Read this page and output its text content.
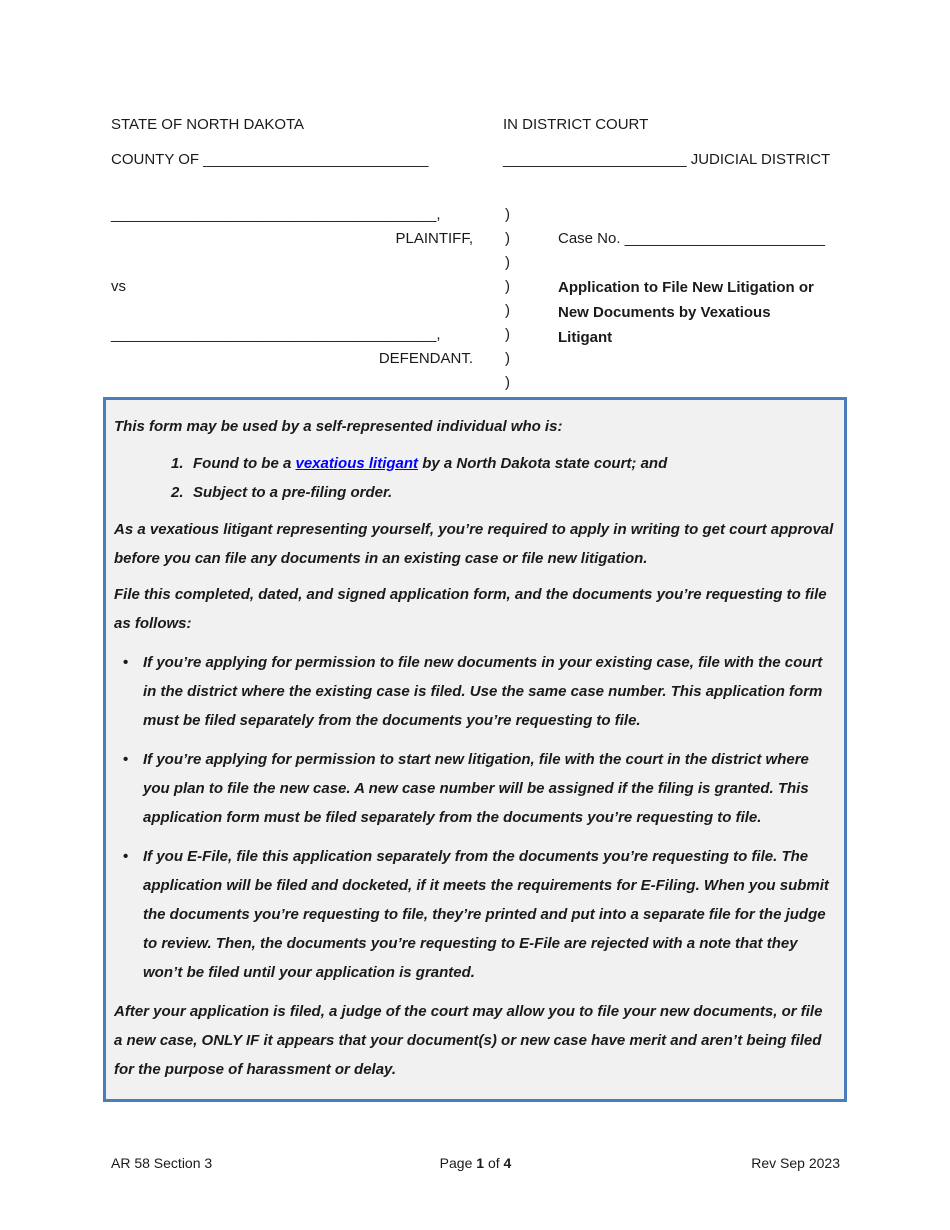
STATE OF NORTH DAKOTA	IN DISTRICT COURT
COUNTY OF ___________________________	______________________ JUDICIAL DISTRICT
_______________________________________,
PLAINTIFF,
vs
_______________________________________,
DEFENDANT.
)
)
)
)
)
)
)
)
Case No. ________________________
Application to File New Litigation or New Documents by Vexatious Litigant

This form may be used by a self-represented individual who is:

1. Found to be a vexatious litigant by a North Dakota state court; and
2. Subject to a pre-filing order.

As a vexatious litigant representing yourself, you’re required to apply in writing to get court approval before you can file any documents in an existing case or file new litigation.

File this completed, dated, and signed application form, and the documents you’re requesting to file as follows:

• If you’re applying for permission to file new documents in your existing case, file with the court in the district where the existing case is filed. Use the same case number. This application form must be filed separately from the documents you’re requesting to file.
• If you’re applying for permission to start new litigation, file with the court in the district where you plan to file the new case. A new case number will be assigned if the filing is granted. This application form must be filed separately from the documents you’re requesting to file.
• If you E-File, file this application separately from the documents you’re requesting to file. The application will be filed and docketed, if it meets the requirements for E-Filing. When you submit the documents you’re requesting to file, they’re printed and put into a separate file for the judge to review. Then, the documents you’re requesting to E-File are rejected with a note that they won’t be filed until your application is granted.

After your application is filed, a judge of the court may allow you to file your new documents, or file a new case, ONLY IF it appears that your document(s) or new case have merit and aren’t being filed for the purpose of harassment or delay.

AR 58 Section 3	Page 1 of 4	Rev Sep 2023
